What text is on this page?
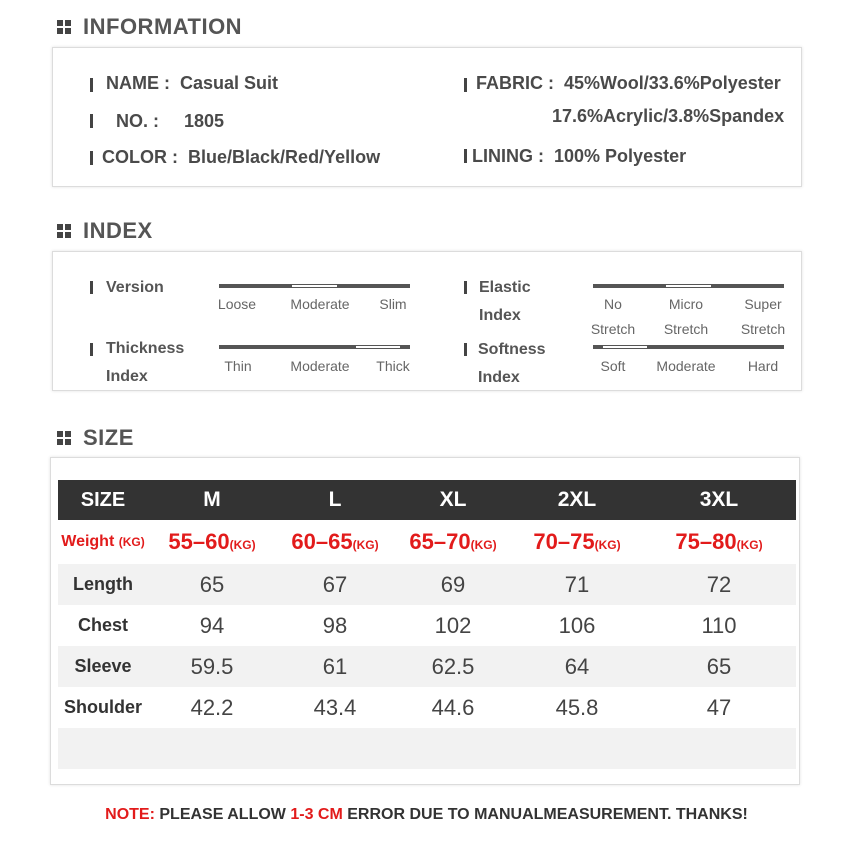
INFORMATION
NAME : Casual Suit
NO. : 1805
COLOR : Blue/Black/Red/Yellow
FABRIC : 45%Wool/33.6%Polyester
17.6%Acrylic/3.8%Spandex
LINING : 100% Polyester
INDEX
Version
Loose	Moderate	Slim
Thickness
Index
Thin	Moderate	Thick
Elastic
Index
No	Micro	Super
Stretch	Stretch	Stretch
Softness
Index
Soft	Moderate	Hard
SIZE
SIZE	M	L	XL	2XL	3XL
Weight (KG)	55–60(KG)	60–65(KG)	65–70(KG)	70–75(KG)	75–80(KG)
Length	65	67	69	71	72
Chest	94	98	102	106	110
Sleeve	59.5	61	62.5	64	65
Shoulder	42.2	43.4	44.6	45.8	47

NOTE: PLEASE ALLOW 1-3 CM ERROR DUE TO MANUALMEASUREMENT. THANKS!
